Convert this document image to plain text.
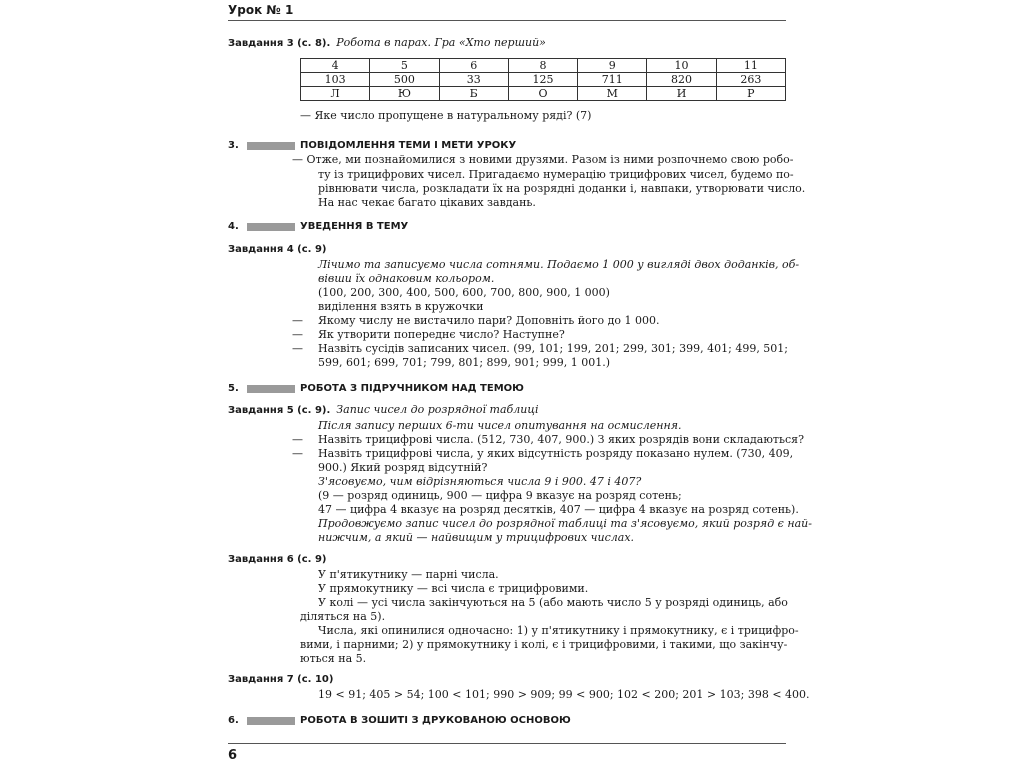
Урок № 1
Завдання 3 (с. 8). Робота в парах. Гра «Хто перший»
4	5	6	8	9	10	11
103	500	33	125	711	820	263
Л	Ю	Б	О	М	И	Р
— Яке число пропущене в натуральному ряді? (7)
3.	ПОВІДОМЛЕННЯ ТЕМИ І МЕТИ УРОКУ
— Отже, ми познайомилися з новими друзями. Разом із ними розпочнемо свою робо-
ту із трицифрових чисел. Пригадаємо нумерацію трицифрових чисел, будемо по-
рівнювати числа, розкладати їх на розрядні доданки і, навпаки, утворювати число.
На нас чекає багато цікавих завдань.
4.	УВЕДЕННЯ В ТЕМУ
Завдання 4 (с. 9)
Лічимо та записуємо числа сотнями. Подаємо 1 000 у вигляді двох доданків, об-
вівши їх однаковим кольором.
(100, 200, 300, 400, 500, 600, 700, 800, 900, 1 000)
виділення взять в кружочки
— Якому числу не вистачило пари? Доповніть його до 1 000.
— Як утворити попереднє число? Наступне?
— Назвіть сусідів записаних чисел. (99, 101; 199, 201; 299, 301; 399, 401; 499, 501;
599, 601; 699, 701; 799, 801; 899, 901; 999, 1 001.)
5.	РОБОТА З ПІДРУЧНИКОМ НАД ТЕМОЮ
Завдання 5 (с. 9). Запис чисел до розрядної таблиці
Після запису перших 6-ти чисел опитування на осмислення.
— Назвіть трицифрові числа. (512, 730, 407, 900.) З яких розрядів вони складаються?
— Назвіть трицифрові числа, у яких відсутність розряду показано нулем. (730, 409,
900.) Який розряд відсутній?
З'ясовуємо, чим відрізняються числа 9 і 900. 47 і 407?
(9 — розряд одиниць, 900 — цифра 9 вказує на розряд сотень;
47 — цифра 4 вказує на розряд десятків, 407 — цифра 4 вказує на розряд сотень).
Продовжуємо запис чисел до розрядної таблиці та з'ясовуємо, який розряд є най-
нижчим, а який — найвищим у трицифрових числах.
Завдання 6 (с. 9)
У п'ятикутнику — парні числа.
У прямокутнику — всі числа є трицифровими.
У колі — усі числа закінчуються на 5 (або мають число 5 у розряді одиниць, або
діляться на 5).
Числа, які опинилися одночасно: 1) у п'ятикутнику і прямокутнику, є і трицифро-
вими, і парними; 2) у прямокутнику і колі, є і трицифровими, і такими, що закінчу-
ються на 5.
Завдання 7 (с. 10)
19 < 91; 405 > 54; 100 < 101; 990 > 909; 99 < 900; 102 < 200; 201 > 103; 398 < 400.
6.	РОБОТА В ЗОШИТІ З ДРУКОВАНОЮ ОСНОВОЮ
6
